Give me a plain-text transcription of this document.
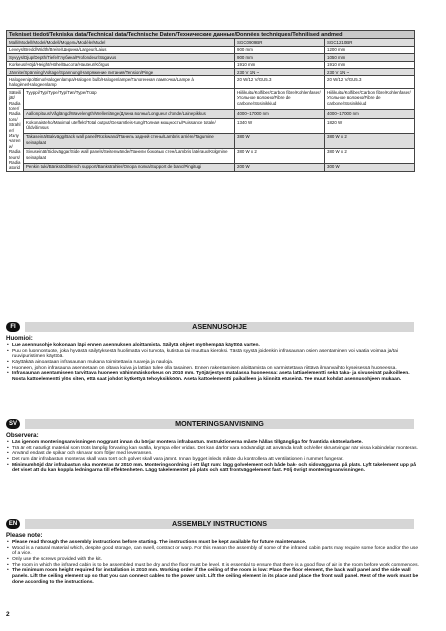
Tekniset tiedot/Tekniska data/Technical data/Technische Daten/Технические данные/Données techniques/Tehnilised andmed			
Malli/Modell/Model/Modell/Модель/Modèle/Mudel		SGC0909BR	SGC1210BR
Leveys/Bredd/Width/Breite/Ширина/Largeur/Laius		900 mm	1200 mm
Syvyys/Djup/Depth/Tiefe/Глубина/Profondeur/Sügavus		900 mm	1050 mm
Korkeus/Höjd/Height/Höhe/Высота/Hauteur/Kõrgus		1910 mm	1910 mm
Jännite/Spänning/Voltage/Spannung/Напряжение питания/Tension/Pinge		230 V 1N ~	230 V 1N ~
Halogeenipolttimo/Halogenlampa/Halogen bulb/Halogenlampe/Галогенная лампочка/Lampe à halogène/Halogeenlamp		20 W/12 V/GU5.3	20 W/12 V/GU5.3
Säteilijät/ Radiatorer/ Radiators/ Strahler/ Излучатели/ Radiateurs/ Radiaatorid	Tyyppi/Typ/Type/Typ/Тип/Type/Tüüp	Hiilikuitu/Kolfiber/Carbon fibre/Kohlenfaser/ Угольное волокно/Fibre de carbone/Süsinikkiud	Hiilikuitu/Kolfiber/Carbon fibre/Kohlenfaser/ Угольное волокно/Fibre de carbone/Süsinikkiud
	Aallonpituus/Våglängd/Wavelength/Wellenlänge/Длина волны/Longueur d'onde/Lainepikkus	4000–17000 nm	4000–17000 nm
	Kokonaisteho/Maximal uteffekt/Total output/Gesamtleis-tung/Полная мощность/Puissance totale/Üldvõimsus	1340 W	1820 W
	Takaseinä/Bakvägg/Back wall panel/Rückwand/Панель задней стены/Lambris arrière/Tagumine seinaplaat	380 W	380 W x 2
	Sivuseinät/Sidoväggar/Side wall panels/Seitenwände/Панели боковых стен/Lambris latéraux/Külgmine seinaplaat	380 W x 2	380 W x 2
	Penkin tuki/Bänkstöd/Bench support/Bankstrahler/Опора полка/Support de banc/Pingitugi	200 W	300 W
FI	ASENNUSOHJE
Huomioi:
• Lue asennusohje kokonaan läpi ennen asennuksen aloittamista. Säilytä ohjeet myöhempää käyttöä varten.
• Puu on luonnontuote, joka hyvästä säilytyksestä huolimatta voi turvota, kutistua tai muuttua kieroksi. Tästä syystä joidenkin infrasaunan osien asentaminen voi vaatia voimaa ja/tai ruuvipuristimen käyttöä.
• Käyttäkää ainoastaan infrasaunan mukana toimitettavia ruuveja ja nauloja.
• Huoneen, johon infrasauna asennetaan on oltava kuiva ja lattian tulee olla tasainen. Ennen rakentamisen aloittamista on varmistettava riittävä ilmanvaihto kyseisessä huoneessa.
• Infrasaunan asentamiseen tarvittava huoneen vähimmäiskorkeus on 2010 mm. Työjärjestys matalassa huoneessa: aseta lattiaelementti sekä taka- ja sivuseinät paikoilleen. Nosta kattoelementti ylös siten, että saat johdot kytkettyä tehoyksikköön. Aseta kattoelementti paikalleen ja kiinnitä etuseinä. Tee muut kohdat asennusohjeen mukaan.
SV	MONTERINGSANVISNING
Observera:
• Läs igenom monteringsanvisningen noggrant innan du börjar montera infrabastun. Instruktionerna måste hållas tillgängliga för framtida skötselarbete.
• Trä är ett naturligt material som trots lämplig förvaring kan svälla, krympa eller vridas. Det kan därför vara nödvändigt att använda kraft och/eller skruvtvingar när vissa kabindelar monteras.
• Använd endast de spikar och skruvar som följer med leveransen.
• Det rum där infrabastun monteras skall vara torrt och golvet skall vara jämnt. Innan bygget inleds måste du kontrollera att ventilationen i rummet fungerar.
• Minimumhöjd där infrabastun ska monteras är 2010 mm. Monteringsordning i ett lågt rum: lägg golvelement och både bak- och sidoväggarna på plats. Lyft takelement upp på det viset att du kan koppla ledningarna till effektenheten. Lägg takelementet på plats och sätt frontväggelement fast. Följ övrigt monteringsanvisningen.
EN	ASSEMBLY INSTRUCTIONS
Please note:
• Please read through the assembly instructions before starting. The instructions must be kept available for future maintenance.
• Wood is a natural material which, despite good storage, can swell, contract or warp. For this reason the assembly of some of the infrared cabin parts may require some force and/or the use of a vice.
• Only use the screws provided with the kit.
• The room in which the infrared cabin is to be assembled must be dry and the floor must be level. It is essential to ensure that there is a good flow of air in the room before work commences.
• The minimum room height required for installation is 2010 mm. Working order if the ceiling of the room is low: Place the floor element, the back wall panel and the side wall panels. Lift the ceiling element up so that you can connect cables to the power unit. Lift the ceiling element in its place and place the front wall panel. Rest of the work must be done according to the instructions.
2
